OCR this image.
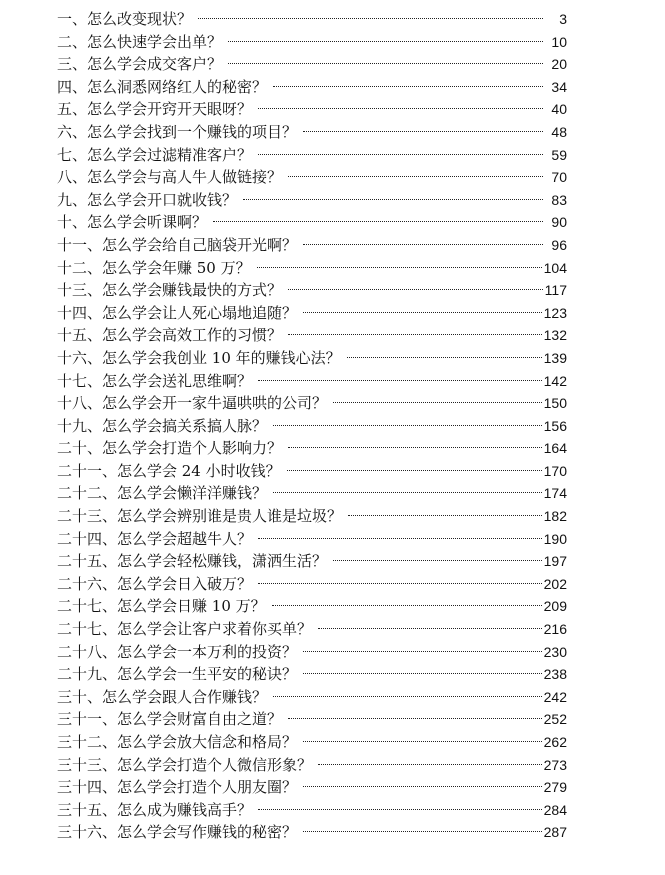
一、怎么改变现状？	3
二、怎么快速学会出单？	10
三、怎么学会成交客户？	20
四、怎么洞悉网络红人的秘密？	34
五、怎么学会开窍开天眼呀？	40
六、怎么学会找到一个赚钱的项目？	48
七、怎么学会过滤精准客户？	59
八、怎么学会与高人牛人做链接？	70
九、怎么学会开口就收钱？	83
十、怎么学会听课啊？	90
十一、怎么学会给自己脑袋开光啊？	96
十二、怎么学会年赚 50 万？	104
十三、怎么学会赚钱最快的方式？	117
十四、怎么学会让人死心塌地追随？	123
十五、怎么学会高效工作的习惯？	132
十六、怎么学会我创业 10 年的赚钱心法？	139
十七、怎么学会送礼思维啊？	142
十八、怎么学会开一家牛逼哄哄的公司？	150
十九、怎么学会搞关系搞人脉？	156
二十、怎么学会打造个人影响力？	164
二十一、怎么学会 24 小时收钱？	170
二十二、怎么学会懒洋洋赚钱？	174
二十三、怎么学会辨别谁是贵人谁是垃圾？	182
二十四、怎么学会超越牛人？	190
二十五、怎么学会轻松赚钱，潇洒生活？	197
二十六、怎么学会日入破万？	202
二十七、怎么学会日赚 10 万？	209
二十七、怎么学会让客户求着你买单？	216
二十八、怎么学会一本万利的投资？	230
二十九、怎么学会一生平安的秘诀？	238
三十、怎么学会跟人合作赚钱？	242
三十一、怎么学会财富自由之道？	252
三十二、怎么学会放大信念和格局？	262
三十三、怎么学会打造个人微信形象？	273
三十四、怎么学会打造个人朋友圈？	279
三十五、怎么成为赚钱高手？	284
三十六、怎么学会写作赚钱的秘密？	287
